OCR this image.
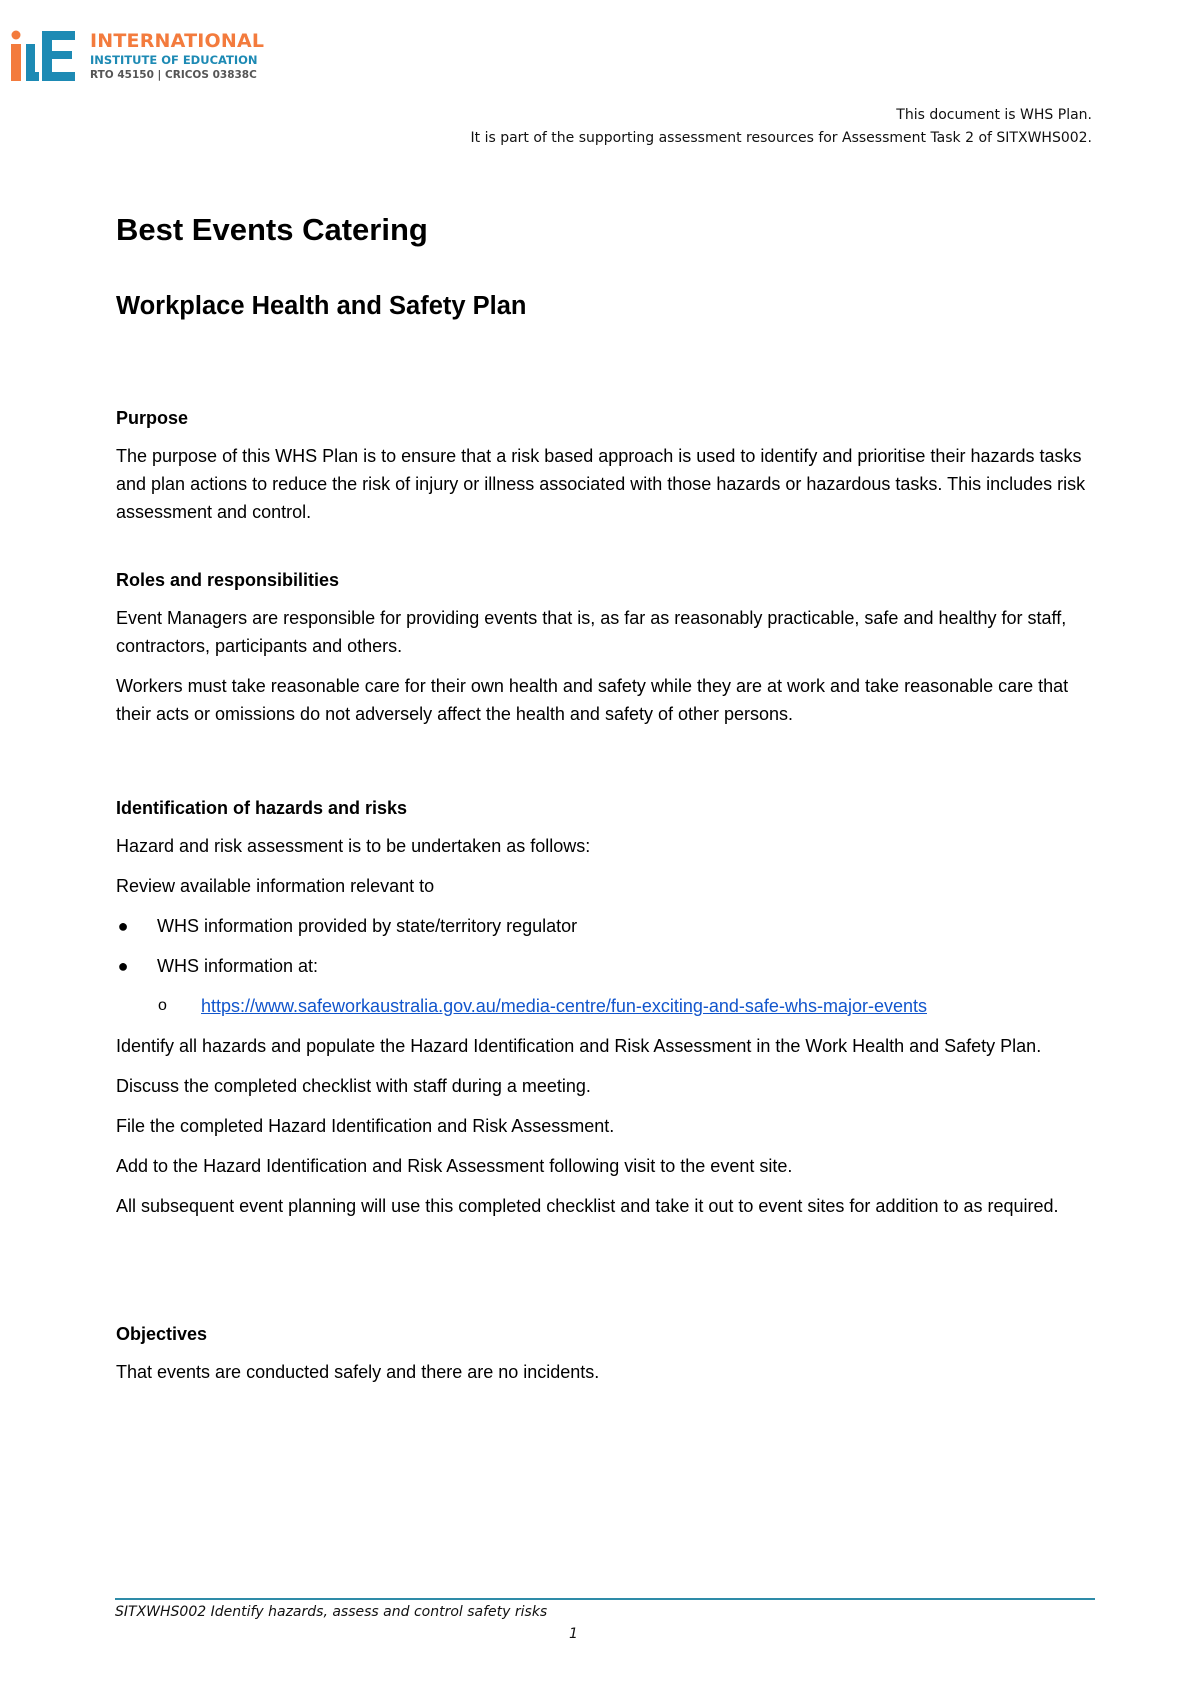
INTERNATIONAL
INSTITUTE OF EDUCATION
RTO 45150 | CRICOS 03838C
This document is WHS Plan.
It is part of the supporting assessment resources for Assessment Task 2 of SITXWHS002.
Best Events Catering
Workplace Health and Safety Plan
Purpose
The purpose of this WHS Plan is to ensure that a risk based approach is used to identify and prioritise their hazards tasks and plan actions to reduce the risk of injury or illness associated with those hazards or hazardous tasks. This includes risk assessment and control.
Roles and responsibilities
Event Managers are responsible for providing events that is, as far as reasonably practicable, safe and healthy for staff, contractors, participants and others.
Workers must take reasonable care for their own health and safety while they are at work and take reasonable care that their acts or omissions do not adversely affect the health and safety of other persons.
Identification of hazards and risks
Hazard and risk assessment is to be undertaken as follows:
Review available information relevant to
● WHS information provided by state/territory regulator
● WHS information at:
o https://www.safeworkaustralia.gov.au/media-centre/fun-exciting-and-safe-whs-major-events
Identify all hazards and populate the Hazard Identification and Risk Assessment in the Work Health and Safety Plan.
Discuss the completed checklist with staff during a meeting.
File the completed Hazard Identification and Risk Assessment.
Add to the Hazard Identification and Risk Assessment following visit to the event site.
All subsequent event planning will use this completed checklist and take it out to event sites for addition to as required.
Objectives
That events are conducted safely and there are no incidents.
SITXWHS002 Identify hazards, assess and control safety risks
1
